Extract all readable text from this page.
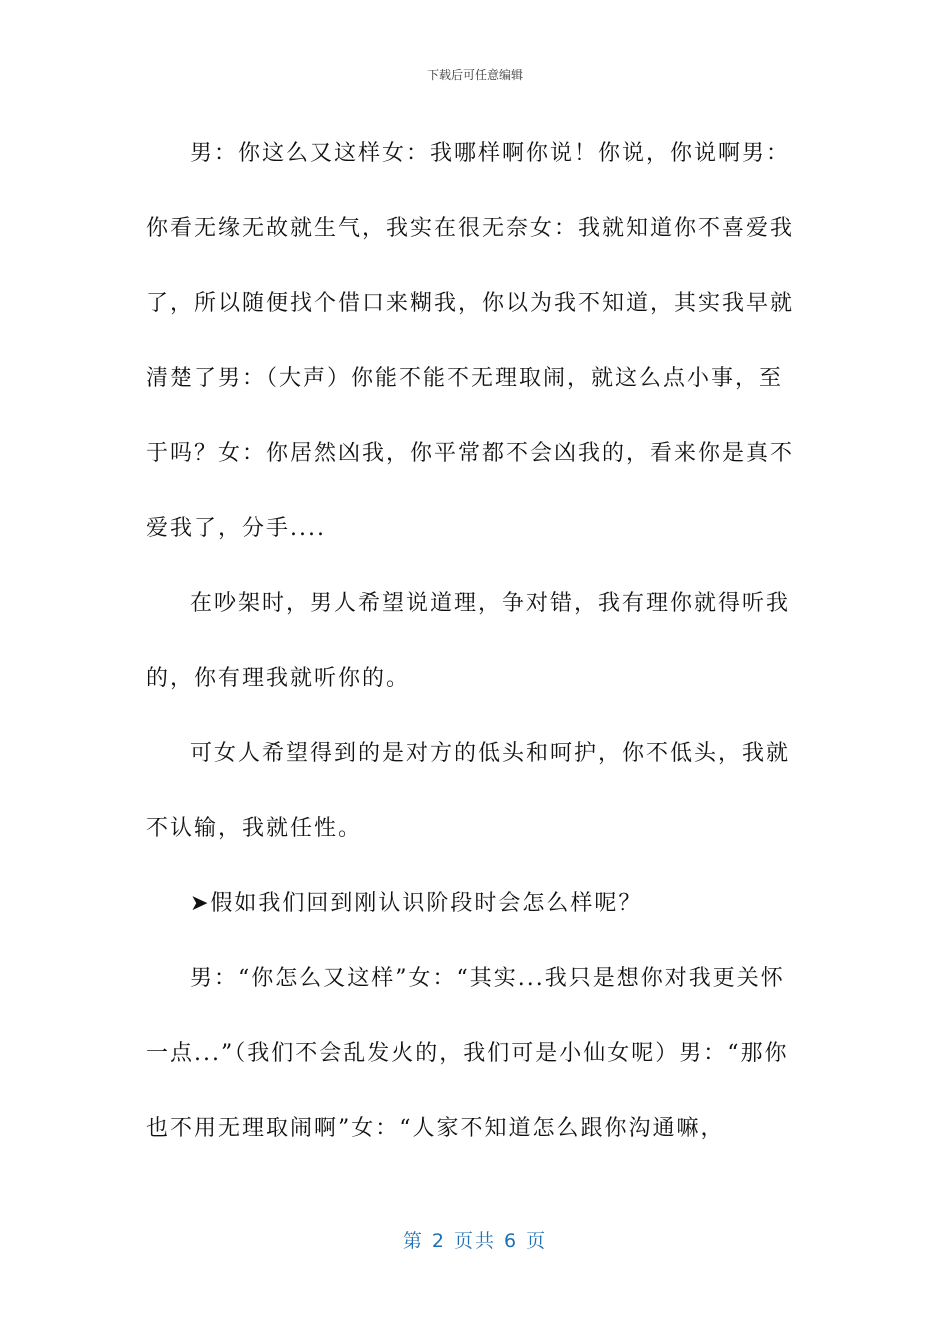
下载后可任意编辑

男：你这么又这样女：我哪样啊你说！你说，你说啊男：你看无缘无故就生气，我实在很无奈女：我就知道你不喜爱我了，所以随便找个借口来糊我，你以为我不知道，其实我早就清楚了男：（大声）你能不能不无理取闹，就这么点小事，至于吗？女：你居然凶我，你平常都不会凶我的，看来你是真不爱我了，分手....

在吵架时，男人希望说道理，争对错，我有理你就得听我的，你有理我就听你的。

可女人希望得到的是对方的低头和呵护，你不低头，我就不认输，我就任性。

➤假如我们回到刚认识阶段时会怎么样呢？

男：“你怎么又这样”女：“其实...我只是想你对我更关怀一点...”（我们不会乱发火的，我们可是小仙女呢）男：“那你也不用无理取闹啊”女：“人家不知道怎么跟你沟通嘛，

第 2 页共 6 页
